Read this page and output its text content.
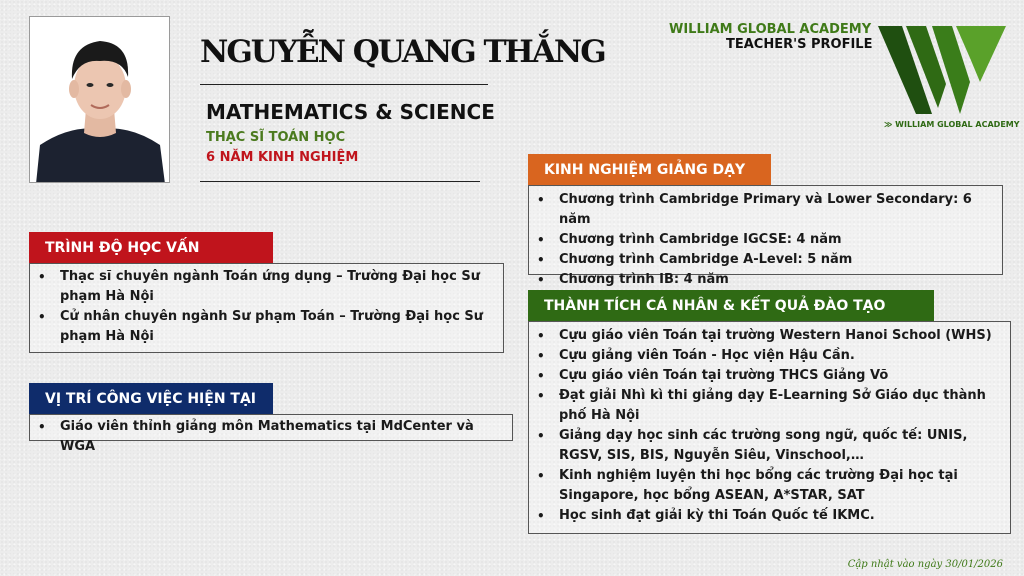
NGUYỄN QUANG THẮNG
MATHEMATICS & SCIENCE
THẠC SĨ TOÁN HỌC
6 NĂM KINH NGHIỆM
WILLIAM GLOBAL ACADEMY
TEACHER'S PROFILE
≫ WILLIAM GLOBAL ACADEMY
TRÌNH ĐỘ HỌC VẤN
• Thạc sĩ chuyên ngành Toán ứng dụng – Trường Đại học Sư phạm Hà Nội
• Cử nhân chuyên ngành Sư phạm Toán – Trường Đại học Sư phạm Hà Nội
VỊ TRÍ CÔNG VIỆC HIỆN TẠI
• Giáo viên thỉnh giảng môn Mathematics tại MdCenter và WGA
KINH NGHIỆM GIẢNG DẠY
• Chương trình Cambridge Primary và Lower Secondary: 6 năm
• Chương trình Cambridge IGCSE: 4 năm
• Chương trình Cambridge A-Level: 5 năm
• Chương trình IB: 4 năm
THÀNH TÍCH CÁ NHÂN & KẾT QUẢ ĐÀO TẠO
• Cựu giáo viên Toán tại trường Western Hanoi School (WHS)
• Cựu giảng viên Toán - Học viện Hậu Cần.
• Cựu giáo viên Toán tại trường THCS Giảng Võ
• Đạt giải Nhì kì thi giảng dạy E-Learning Sở Giáo dục thành phố Hà Nội
• Giảng dạy học sinh các trường song ngữ, quốc tế: UNIS, RGSV, SIS, BIS, Nguyễn Siêu, Vinschool,…
• Kinh nghiệm luyện thi học bổng các trường Đại học tại Singapore, học bổng ASEAN, A*STAR, SAT
• Học sinh đạt giải kỳ thi Toán Quốc tế IKMC.
Cập nhật vào ngày 30/01/2026
